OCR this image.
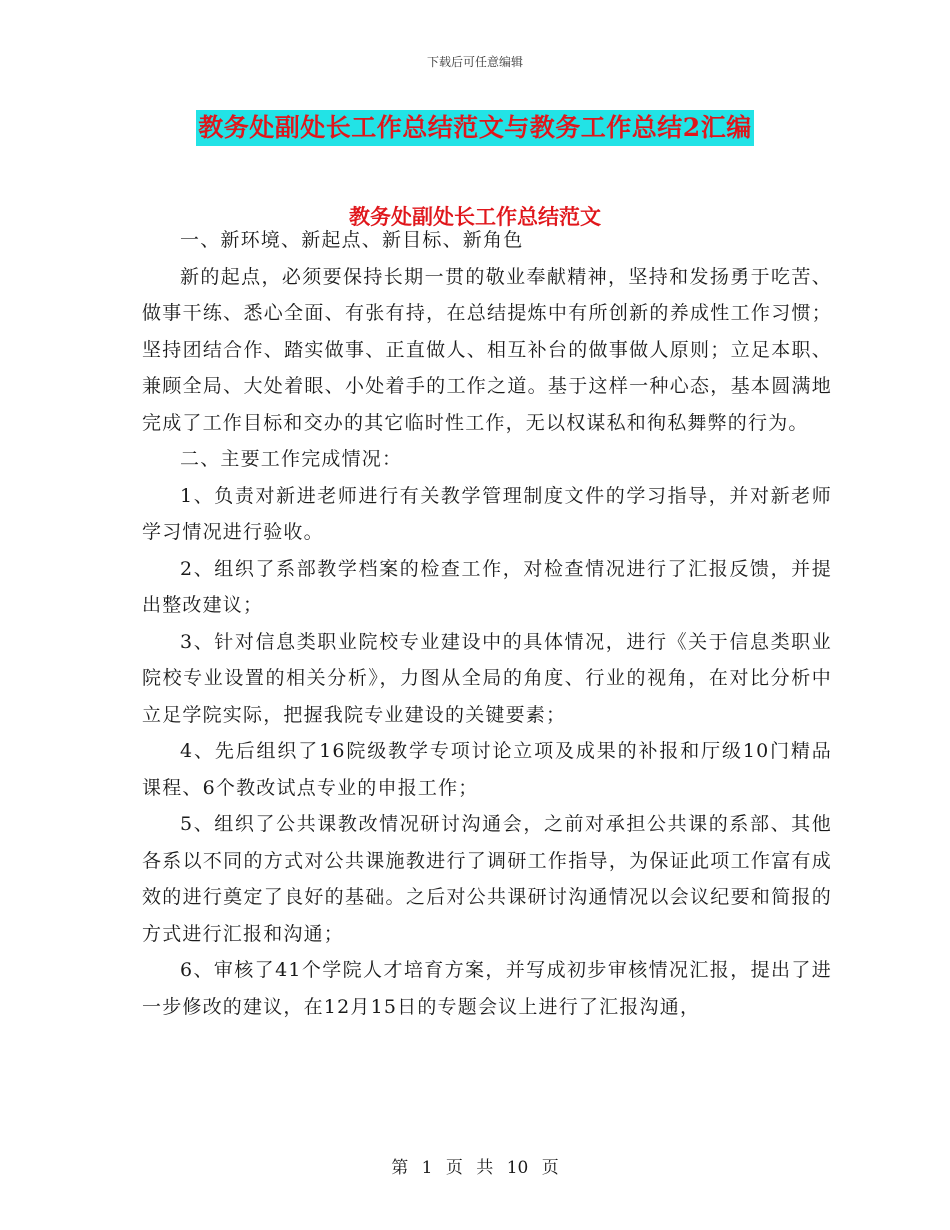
下载后可任意编辑
教务处副处长工作总结范文与教务工作总结2汇编
教务处副处长工作总结范文

一、新环境、新起点、新目标、新角色

新的起点，必须要保持长期一贯的敬业奉献精神，坚持和发扬勇于吃苦、做事干练、悉心全面、有张有持，在总结提炼中有所创新的养成性工作习惯；坚持团结合作、踏实做事、正直做人、相互补台的做事做人原则；立足本职、兼顾全局、大处着眼、小处着手的工作之道。基于这样一种心态，基本圆满地完成了工作目标和交办的其它临时性工作，无以权谋私和徇私舞弊的行为。

二、主要工作完成情况：

1、负责对新进老师进行有关教学管理制度文件的学习指导，并对新老师学习情况进行验收。

2、组织了系部教学档案的检查工作，对检查情况进行了汇报反馈，并提出整改建议；

3、针对信息类职业院校专业建设中的具体情况，进行《关于信息类职业院校专业设置的相关分析》，力图从全局的角度、行业的视角，在对比分析中立足学院实际，把握我院专业建设的关键要素；

4、先后组织了16院级教学专项讨论立项及成果的补报和厅级10门精品课程、6个教改试点专业的申报工作；

5、组织了公共课教改情况研讨沟通会，之前对承担公共课的系部、其他各系以不同的方式对公共课施教进行了调研工作指导，为保证此项工作富有成效的进行奠定了良好的基础。之后对公共课研讨沟通情况以会议纪要和简报的方式进行汇报和沟通；

6、审核了41个学院人才培育方案，并写成初步审核情况汇报，提出了进一步修改的建议，在12月15日的专题会议上进行了汇报沟通，

第 1 页 共 10 页
